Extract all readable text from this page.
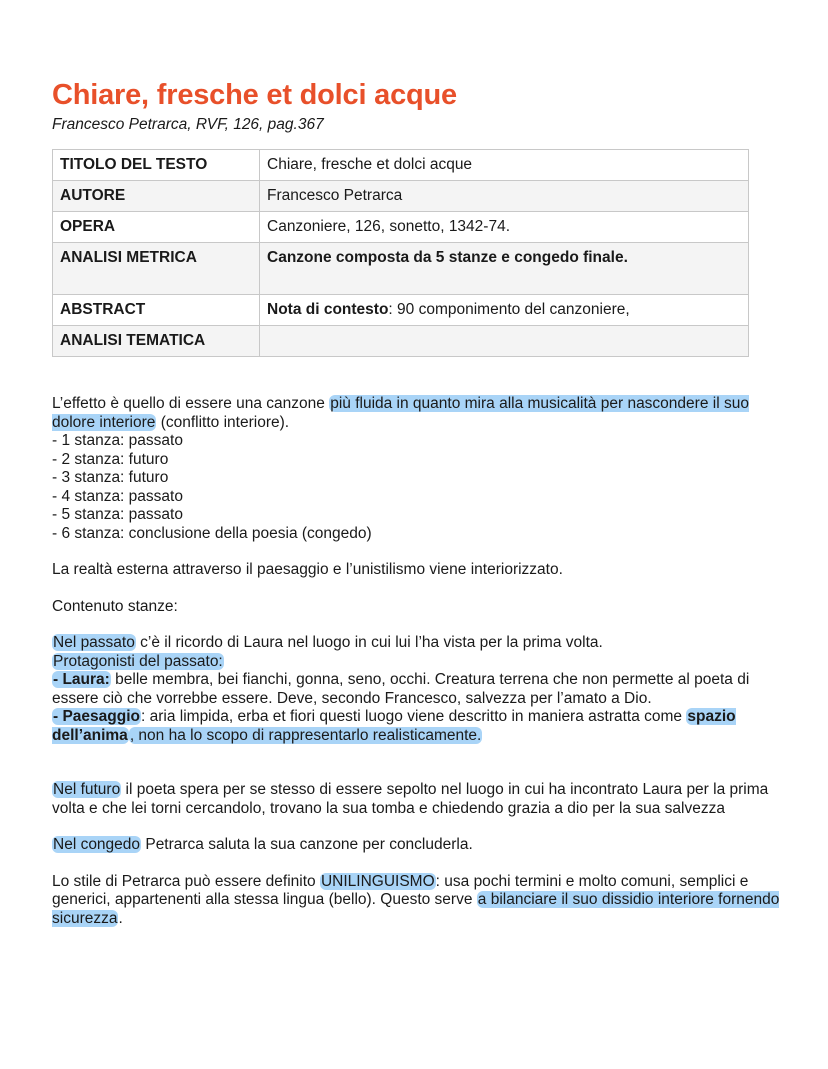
Chiare, fresche et dolci acque
Francesco Petrarca, RVF, 126, pag.367
TITOLO DEL TESTO	Chiare, fresche et dolci acque
AUTORE	Francesco Petrarca
OPERA	Canzoniere, 126, sonetto, 1342-74.
ANALISI METRICA	Canzone composta da 5 stanze e congedo finale.
ABSTRACT	Nota di contesto: 90 componimento del canzoniere,
ANALISI TEMATICA	

L’effetto è quello di essere una canzone più fluida in quanto mira alla musicalità per nascondere il suo dolore interiore (conflitto interiore).

- 1 stanza: passato
- 2 stanza: futuro
- 3 stanza: futuro
- 4 stanza: passato
- 5 stanza: passato
- 6 stanza: conclusione della poesia (congedo)

La realtà esterna attraverso il paesaggio e l’unistilismo viene interiorizzato.

Contenuto stanze:

Nel passato c’è il ricordo di Laura nel luogo in cui lui l’ha vista per la prima volta.

Protagonisti del passato:

- Laura: belle membra, bei fianchi, gonna, seno, occhi. Creatura terrena che non permette al poeta di essere ciò che vorrebbe essere. Deve, secondo Francesco, salvezza per l’amato a Dio.

- Paesaggio: aria limpida, erba et fiori questi luogo viene descritto in maniera astratta come spazio dell’anima , non ha lo scopo di rappresentarlo realisticamente.

Nel futuro il poeta spera per se stesso di essere sepolto nel luogo in cui ha incontrato Laura per la prima volta e che lei torni cercandolo, trovano la sua tomba e chiedendo grazia a dio per la sua salvezza

Nel congedo Petrarca saluta la sua canzone per concluderla.

Lo stile di Petrarca può essere definito UNILINGUISMO: usa pochi termini e molto comuni, semplici e generici, appartenenti alla stessa lingua (bello). Questo serve a bilanciare il suo dissidio interiore fornendo sicurezza.
